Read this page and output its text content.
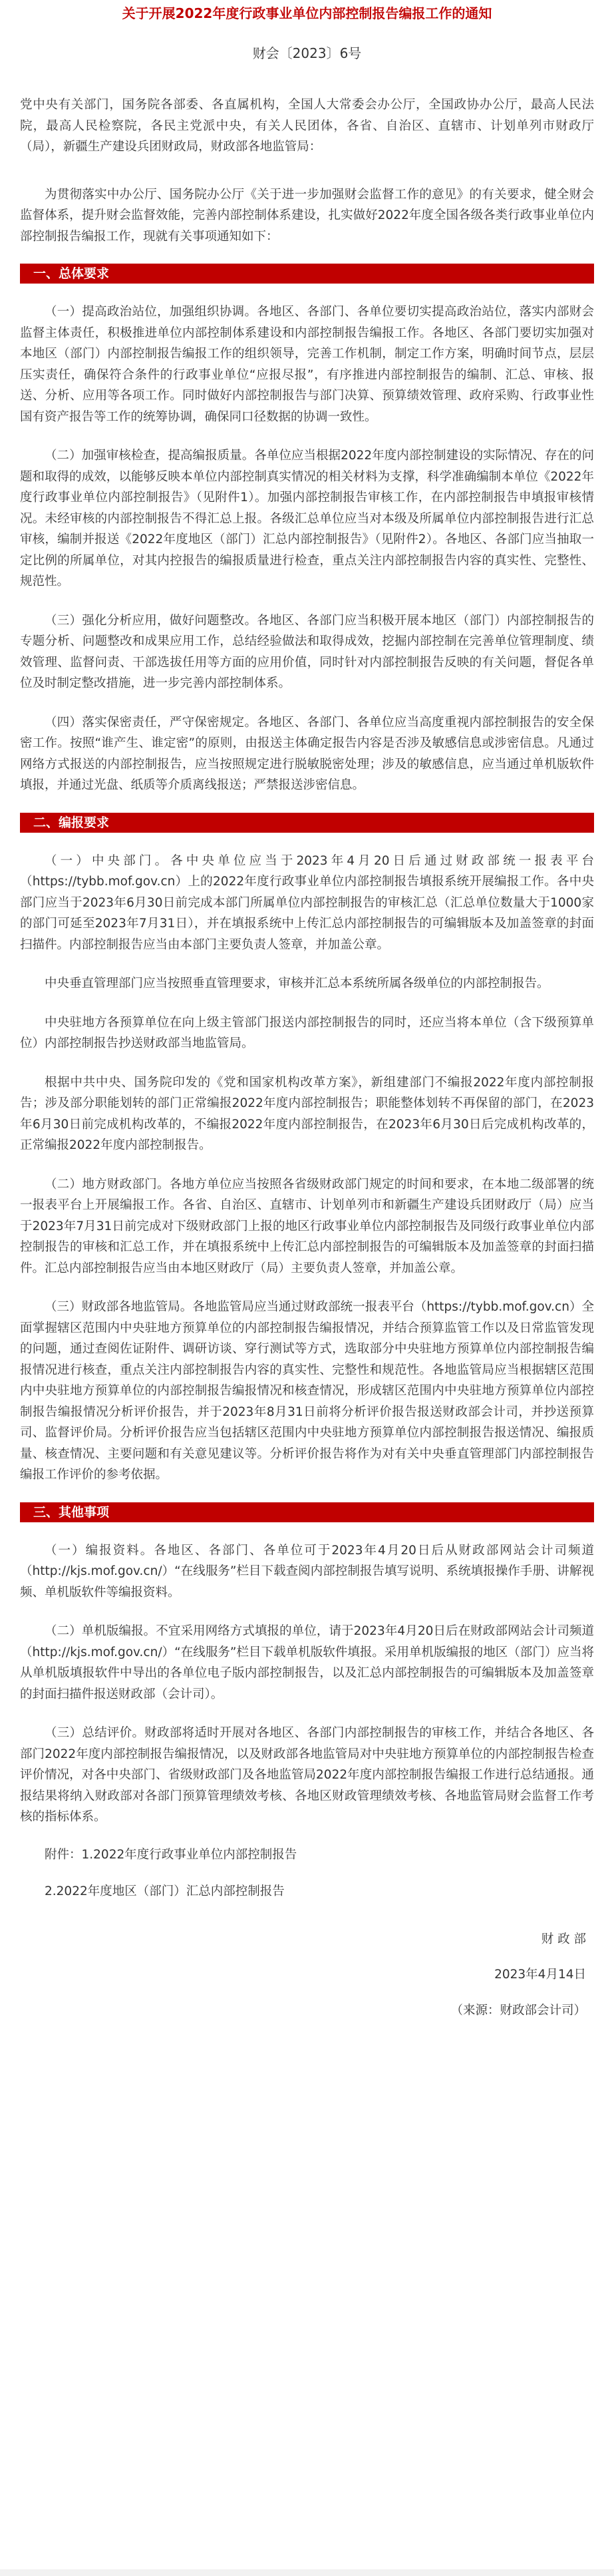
关于开展2022年度行政事业单位内部控制报告编报工作的通知
财会〔2023〕6号

党中央有关部门，国务院各部委、各直属机构，全国人大常委会办公厅，全国政协办公厅，最高人民法院，最高人民检察院，各民主党派中央，有关人民团体，各省、自治区、直辖市、计划单列市财政厅（局），新疆生产建设兵团财政局，财政部各地监管局：

为贯彻落实中办公厅、国务院办公厅《关于进一步加强财会监督工作的意见》的有关要求，健全财会监督体系，提升财会监督效能，完善内部控制体系建设，扎实做好2022年度全国各级各类行政事业单位内部控制报告编报工作，现就有关事项通知如下：

一、总体要求

（一）提高政治站位，加强组织协调。各地区、各部门、各单位要切实提高政治站位，落实内部财会监督主体责任，积极推进单位内部控制体系建设和内部控制报告编报工作。各地区、各部门要切实加强对本地区（部门）内部控制报告编报工作的组织领导，完善工作机制，制定工作方案，明确时间节点，层层压实责任，确保符合条件的行政事业单位“应报尽报”，有序推进内部控制报告的编制、汇总、审核、报送、分析、应用等各项工作。同时做好内部控制报告与部门决算、预算绩效管理、政府采购、行政事业性国有资产报告等工作的统筹协调，确保同口径数据的协调一致性。

（二）加强审核检查，提高编报质量。各单位应当根据2022年度内部控制建设的实际情况、存在的问题和取得的成效，以能够反映本单位内部控制真实情况的相关材料为支撑，科学准确编制本单位《2022年度行政事业单位内部控制报告》（见附件1）。加强内部控制报告审核工作，在内部控制报告申填报审核情况。未经审核的内部控制报告不得汇总上报。各级汇总单位应当对本级及所属单位内部控制报告进行汇总审核，编制并报送《2022年度地区（部门）汇总内部控制报告》（见附件2）。各地区、各部门应当抽取一定比例的所属单位，对其内控报告的编报质量进行检查，重点关注内部控制报告内容的真实性、完整性、规范性。

（三）强化分析应用，做好问题整改。各地区、各部门应当积极开展本地区（部门）内部控制报告的专题分析、问题整改和成果应用工作，总结经验做法和取得成效，挖掘内部控制在完善单位管理制度、绩效管理、监督问责、干部选拔任用等方面的应用价值，同时针对内部控制报告反映的有关问题，督促各单位及时制定整改措施，进一步完善内部控制体系。

（四）落实保密责任，严守保密规定。各地区、各部门、各单位应当高度重视内部控制报告的安全保密工作。按照“谁产生、谁定密”的原则，由报送主体确定报告内容是否涉及敏感信息或涉密信息。凡通过网络方式报送的内部控制报告，应当按照规定进行脱敏脱密处理；涉及的敏感信息，应当通过单机版软件填报，并通过光盘、纸质等介质离线报送；严禁报送涉密信息。

二、编报要求

（一）中央部门。各中央单位应当于2023年4月20日后通过财政部统一报表平台（https://tybb.mof.gov.cn）上的2022年度行政事业单位内部控制报告填报系统开展编报工作。各中央部门应当于2023年6月30日前完成本部门所属单位内部控制报告的审核汇总（汇总单位数量大于1000家的部门可延至2023年7月31日），并在填报系统中上传汇总内部控制报告的可编辑版本及加盖签章的封面扫描件。内部控制报告应当由本部门主要负责人签章，并加盖公章。

中央垂直管理部门应当按照垂直管理要求，审核并汇总本系统所属各级单位的内部控制报告。

中央驻地方各预算单位在向上级主管部门报送内部控制报告的同时，还应当将本单位（含下级预算单位）内部控制报告抄送财政部当地监管局。

根据中共中央、国务院印发的《党和国家机构改革方案》，新组建部门不编报2022年度内部控制报告；涉及部分职能划转的部门正常编报2022年度内部控制报告；职能整体划转不再保留的部门，在2023年6月30日前完成机构改革的，不编报2022年度内部控制报告，在2023年6月30日后完成机构改革的，正常编报2022年度内部控制报告。

（二）地方财政部门。各地方单位应当按照各省级财政部门规定的时间和要求，在本地二级部署的统一报表平台上开展编报工作。各省、自治区、直辖市、计划单列市和新疆生产建设兵团财政厅（局）应当于2023年7月31日前完成对下级财政部门上报的地区行政事业单位内部控制报告及同级行政事业单位内部控制报告的审核和汇总工作，并在填报系统中上传汇总内部控制报告的可编辑版本及加盖签章的封面扫描件。汇总内部控制报告应当由本地区财政厅（局）主要负责人签章，并加盖公章。

（三）财政部各地监管局。各地监管局应当通过财政部统一报表平台（https://tybb.mof.gov.cn）全面掌握辖区范围内中央驻地方预算单位的内部控制报告编报情况，并结合预算监管工作以及日常监管发现的问题，通过查阅佐证附件、调研访谈、穿行测试等方式，选取部分中央驻地方预算单位内部控制报告编报情况进行核查，重点关注内部控制报告内容的真实性、完整性和规范性。各地监管局应当根据辖区范围内中央驻地方预算单位的内部控制报告编报情况和核查情况，形成辖区范围内中央驻地方预算单位内部控制报告编报情况分析评价报告，并于2023年8月31日前将分析评价报告报送财政部会计司，并抄送预算司、监督评价局。分析评价报告应当包括辖区范围内中央驻地方预算单位内部控制报告报送情况、编报质量、核查情况、主要问题和有关意见建议等。分析评价报告将作为对有关中央垂直管理部门内部控制报告编报工作评价的参考依据。

三、其他事项

（一）编报资料。各地区、各部门、各单位可于2023年4月20日后从财政部网站会计司频道（http://kjs.mof.gov.cn/）“在线服务”栏目下载查阅内部控制报告填写说明、系统填报操作手册、讲解视频、单机版软件等编报资料。

（二）单机版编报。不宜采用网络方式填报的单位，请于2023年4月20日后在财政部网站会计司频道（http://kjs.mof.gov.cn/）“在线服务”栏目下载单机版软件填报。采用单机版编报的地区（部门）应当将从单机版填报软件中导出的各单位电子版内部控制报告，以及汇总内部控制报告的可编辑版本及加盖签章的封面扫描件报送财政部（会计司）。

（三）总结评价。财政部将适时开展对各地区、各部门内部控制报告的审核工作，并结合各地区、各部门2022年度内部控制报告编报情况，以及财政部各地监管局对中央驻地方预算单位的内部控制报告检查评价情况，对各中央部门、省级财政部门及各地监管局2022年度内部控制报告编报工作进行总结通报。通报结果将纳入财政部对各部门预算管理绩效考核、各地区财政管理绩效考核、各地监管局财会监督工作考核的指标体系。

附件：1.2022年度行政事业单位内部控制报告
2.2022年度地区（部门）汇总内部控制报告
财 政 部
2023年4月14日
（来源：财政部会计司）
